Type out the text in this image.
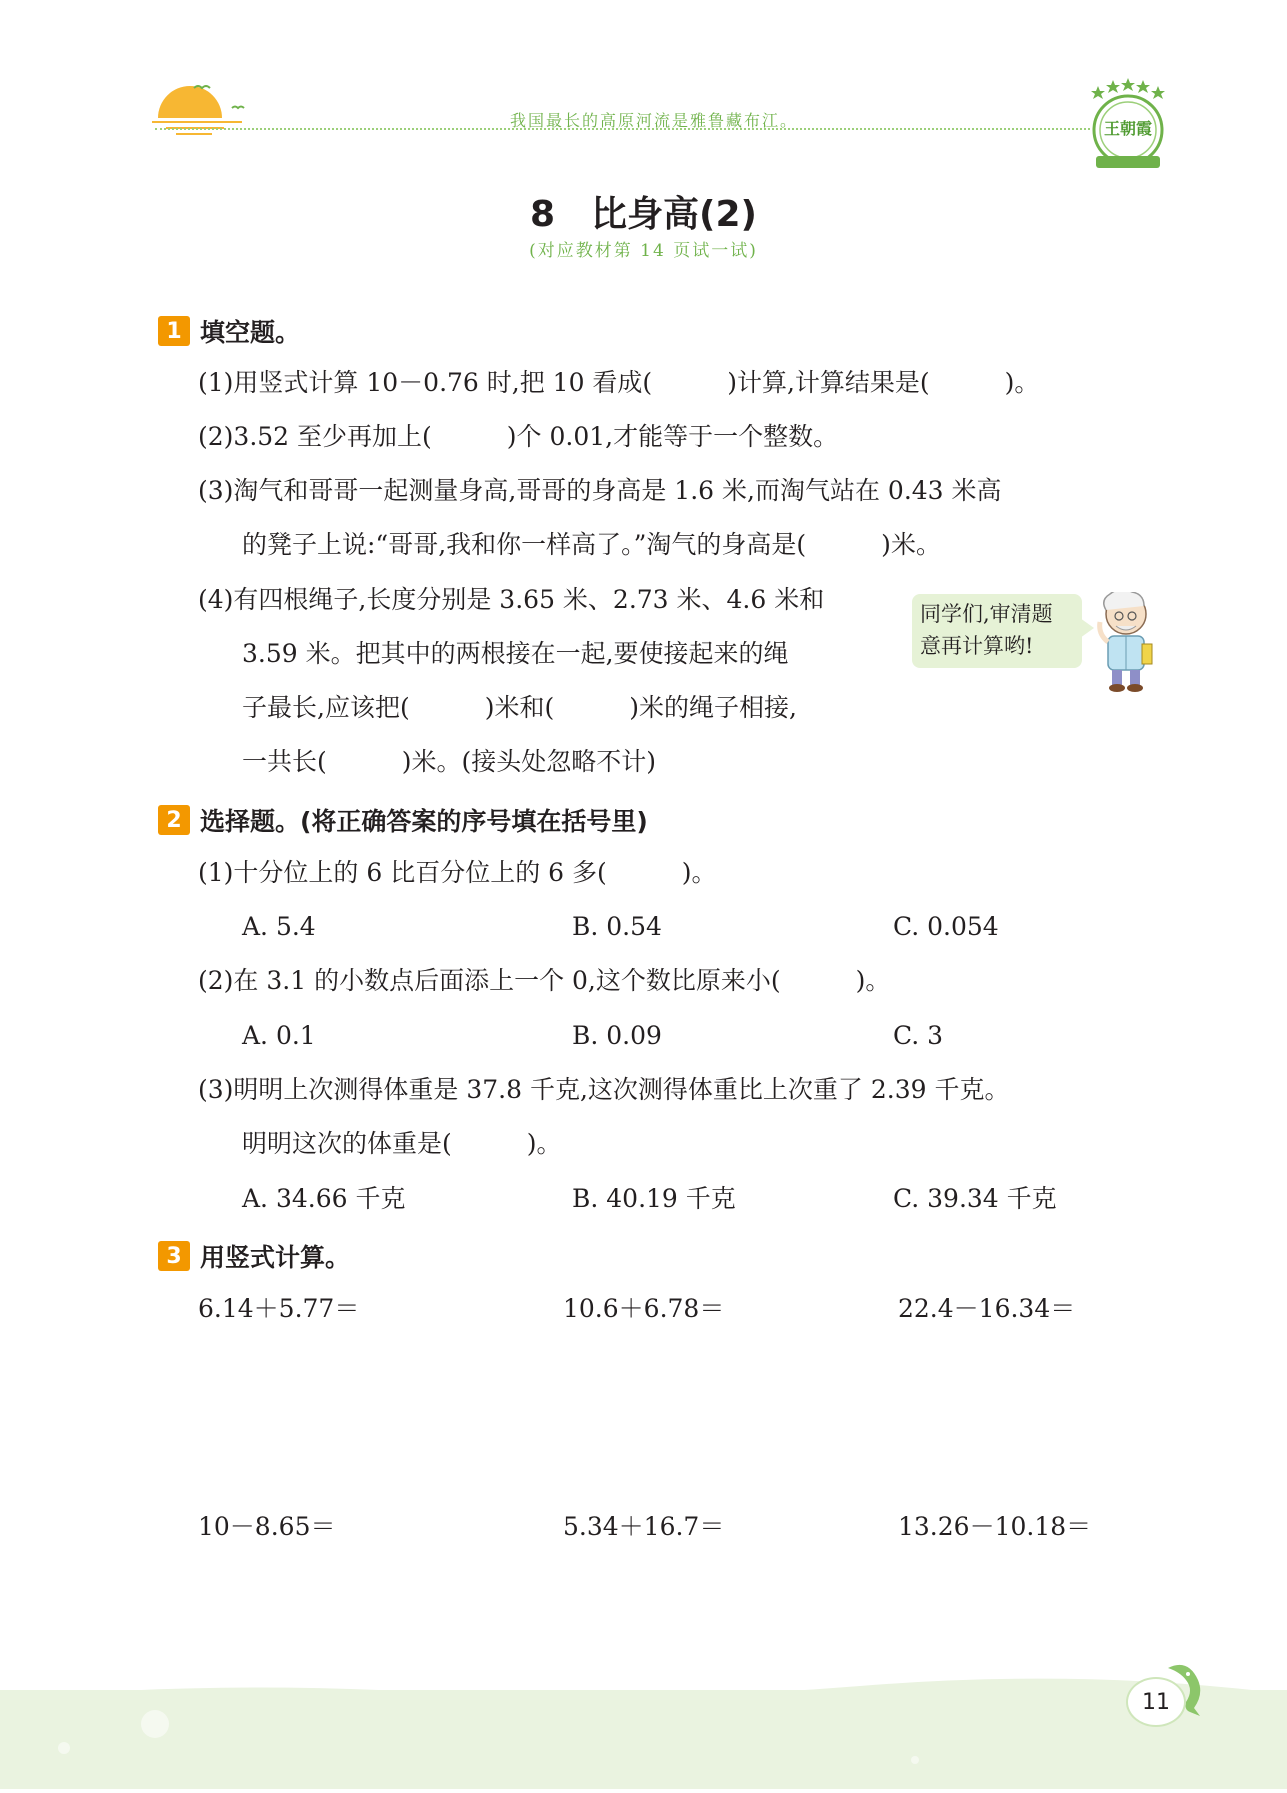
我国最长的高原河流是雅鲁藏布江。	王朝霞
8　比身高(2)
(对应教材第 14 页试一试)
1 填空题。
(1)用竖式计算 10－0.76 时,把 10 看成(　　　)计算,计算结果是(　　　)。
(2)3.52 至少再加上(　　　)个 0.01,才能等于一个整数。
(3)淘气和哥哥一起测量身高,哥哥的身高是 1.6 米,而淘气站在 0.43 米高
的凳子上说:“哥哥,我和你一样高了。”淘气的身高是(　　　)米。
(4)有四根绳子,长度分别是 3.65 米、2.73 米、4.6 米和
3.59 米。把其中的两根接在一起,要使接起来的绳
子最长,应该把(　　　)米和(　　　)米的绳子相接,
一共长(　　　)米。(接头处忽略不计)
同学们,审清题
意再计算哟!
2 选择题。(将正确答案的序号填在括号里)
(1)十分位上的 6 比百分位上的 6 多(　　　)。
A. 5.4	B. 0.54	C. 0.054
(2)在 3.1 的小数点后面添上一个 0,这个数比原来小(　　　)。
A. 0.1	B. 0.09	C. 3
(3)明明上次测得体重是 37.8 千克,这次测得体重比上次重了 2.39 千克。
明明这次的体重是(　　　)。
A. 34.66 千克	B. 40.19 千克	C. 39.34 千克
3 用竖式计算。
6.14＋5.77＝	10.6＋6.78＝	22.4－16.34＝
10－8.65＝	5.34＋16.7＝	13.26－10.18＝
11
